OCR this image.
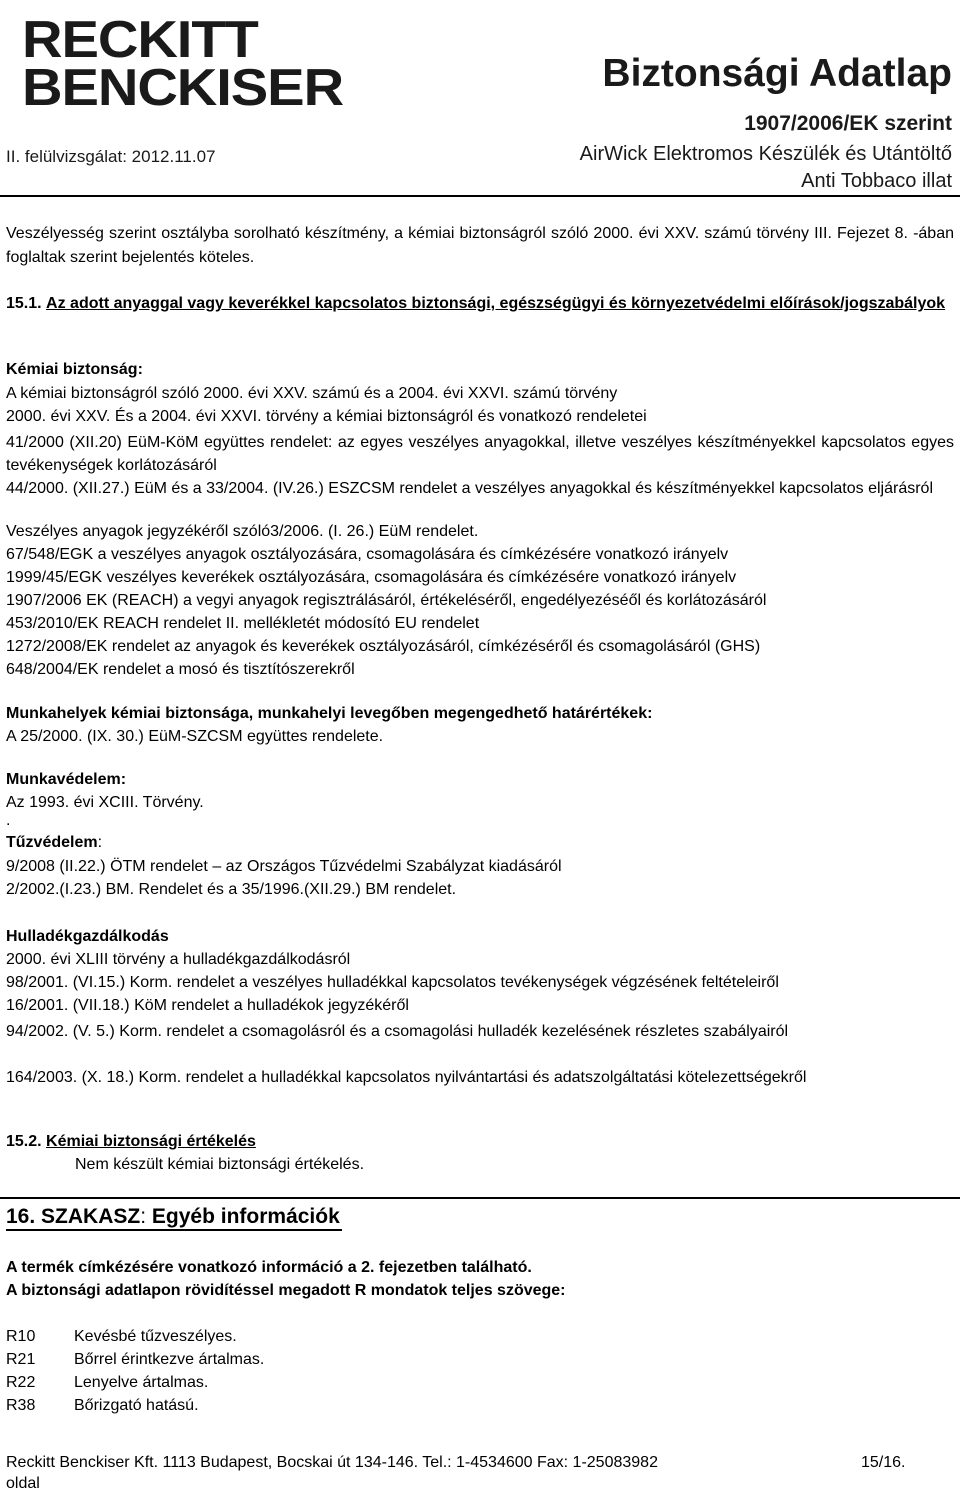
RECKITT
BENCKISER
II. felülvizsgálat: 2012.11.07
Biztonsági Adatlap
1907/2006/EK szerint
AirWick Elektromos Készülék és Utántöltő
Anti Tobbaco illat
Veszélyesség szerint osztályba sorolható készítmény, a kémiai biztonságról szóló 2000. évi XXV. számú törvény III. Fejezet 8. -ában foglaltak szerint bejelentés köteles.
15.1. Az adott anyaggal vagy keverékkel kapcsolatos biztonsági, egészségügyi és környezetvédelmi előírások/jogszabályok
Kémiai biztonság:
A kémiai biztonságról szóló 2000. évi XXV. számú és a 2004. évi XXVI. számú törvény
2000. évi XXV. És a 2004. évi XXVI. törvény a kémiai biztonságról és vonatkozó rendeletei
41/2000 (XII.20) EüM-KöM együttes rendelet: az egyes veszélyes anyagokkal, illetve veszélyes készítményekkel kapcsolatos egyes tevékenységek korlátozásáról
44/2000. (XII.27.) EüM és a 33/2004. (IV.26.) ESZCSM rendelet a veszélyes anyagokkal és készítményekkel kapcsolatos eljárásról
Veszélyes anyagok jegyzékéről szóló3/2006. (I. 26.) EüM rendelet.
67/548/EGK a veszélyes anyagok osztályozására, csomagolására és címkézésére vonatkozó irányelv
1999/45/EGK veszélyes keverékek osztályozására, csomagolására és címkézésére vonatkozó irányelv
1907/2006 EK (REACH) a vegyi anyagok regisztrálásáról, értékeléséről, engedélyezéséől és korlátozásáról
453/2010/EK REACH rendelet II. mellékletét módosító EU rendelet
1272/2008/EK rendelet az anyagok és keverékek osztályozásáról, címkézéséről és csomagolásáról (GHS)
648/2004/EK rendelet a mosó és tisztítószerekről
Munkahelyek kémiai biztonsága, munkahelyi levegőben megengedhető határértékek:
A 25/2000. (IX. 30.) EüM-SZCSM együttes rendelete.
Munkavédelem:
Az 1993. évi XCIII. Törvény.
.
Tűzvédelem:
9/2008 (II.22.) ÖTM rendelet – az Országos Tűzvédelmi Szabályzat kiadásáról
2/2002.(I.23.) BM. Rendelet és a 35/1996.(XII.29.) BM rendelet.
Hulladékgazdálkodás
2000. évi XLIII törvény a hulladékgazdálkodásról
98/2001. (VI.15.) Korm. rendelet a veszélyes hulladékkal kapcsolatos tevékenységek végzésének feltételeiről
16/2001. (VII.18.) KöM rendelet a hulladékok jegyzékéről
94/2002. (V. 5.) Korm. rendelet a csomagolásról és a csomagolási hulladék kezelésének részletes szabályairól
164/2003. (X. 18.) Korm. rendelet a hulladékkal kapcsolatos nyilvántartási és adatszolgáltatási kötelezettségekről
15.2. Kémiai biztonsági értékelés
Nem készült kémiai biztonsági értékelés.
16. SZAKASZ: Egyéb információk
A termék címkézésére vonatkozó információ a 2. fejezetben található.
A biztonsági adatlapon rövidítéssel megadott R mondatok teljes szövege:
R10 Kevésbé tűzveszélyes.
R21 Bőrrel érintkezve ártalmas.
R22 Lenyelve ártalmas.
R38 Bőrizgató hatású.
Reckitt Benckiser Kft. 1113 Budapest, Bocskai út 134-146. Tel.: 1-4534600 Fax: 1-25083982	15/16.
oldal
